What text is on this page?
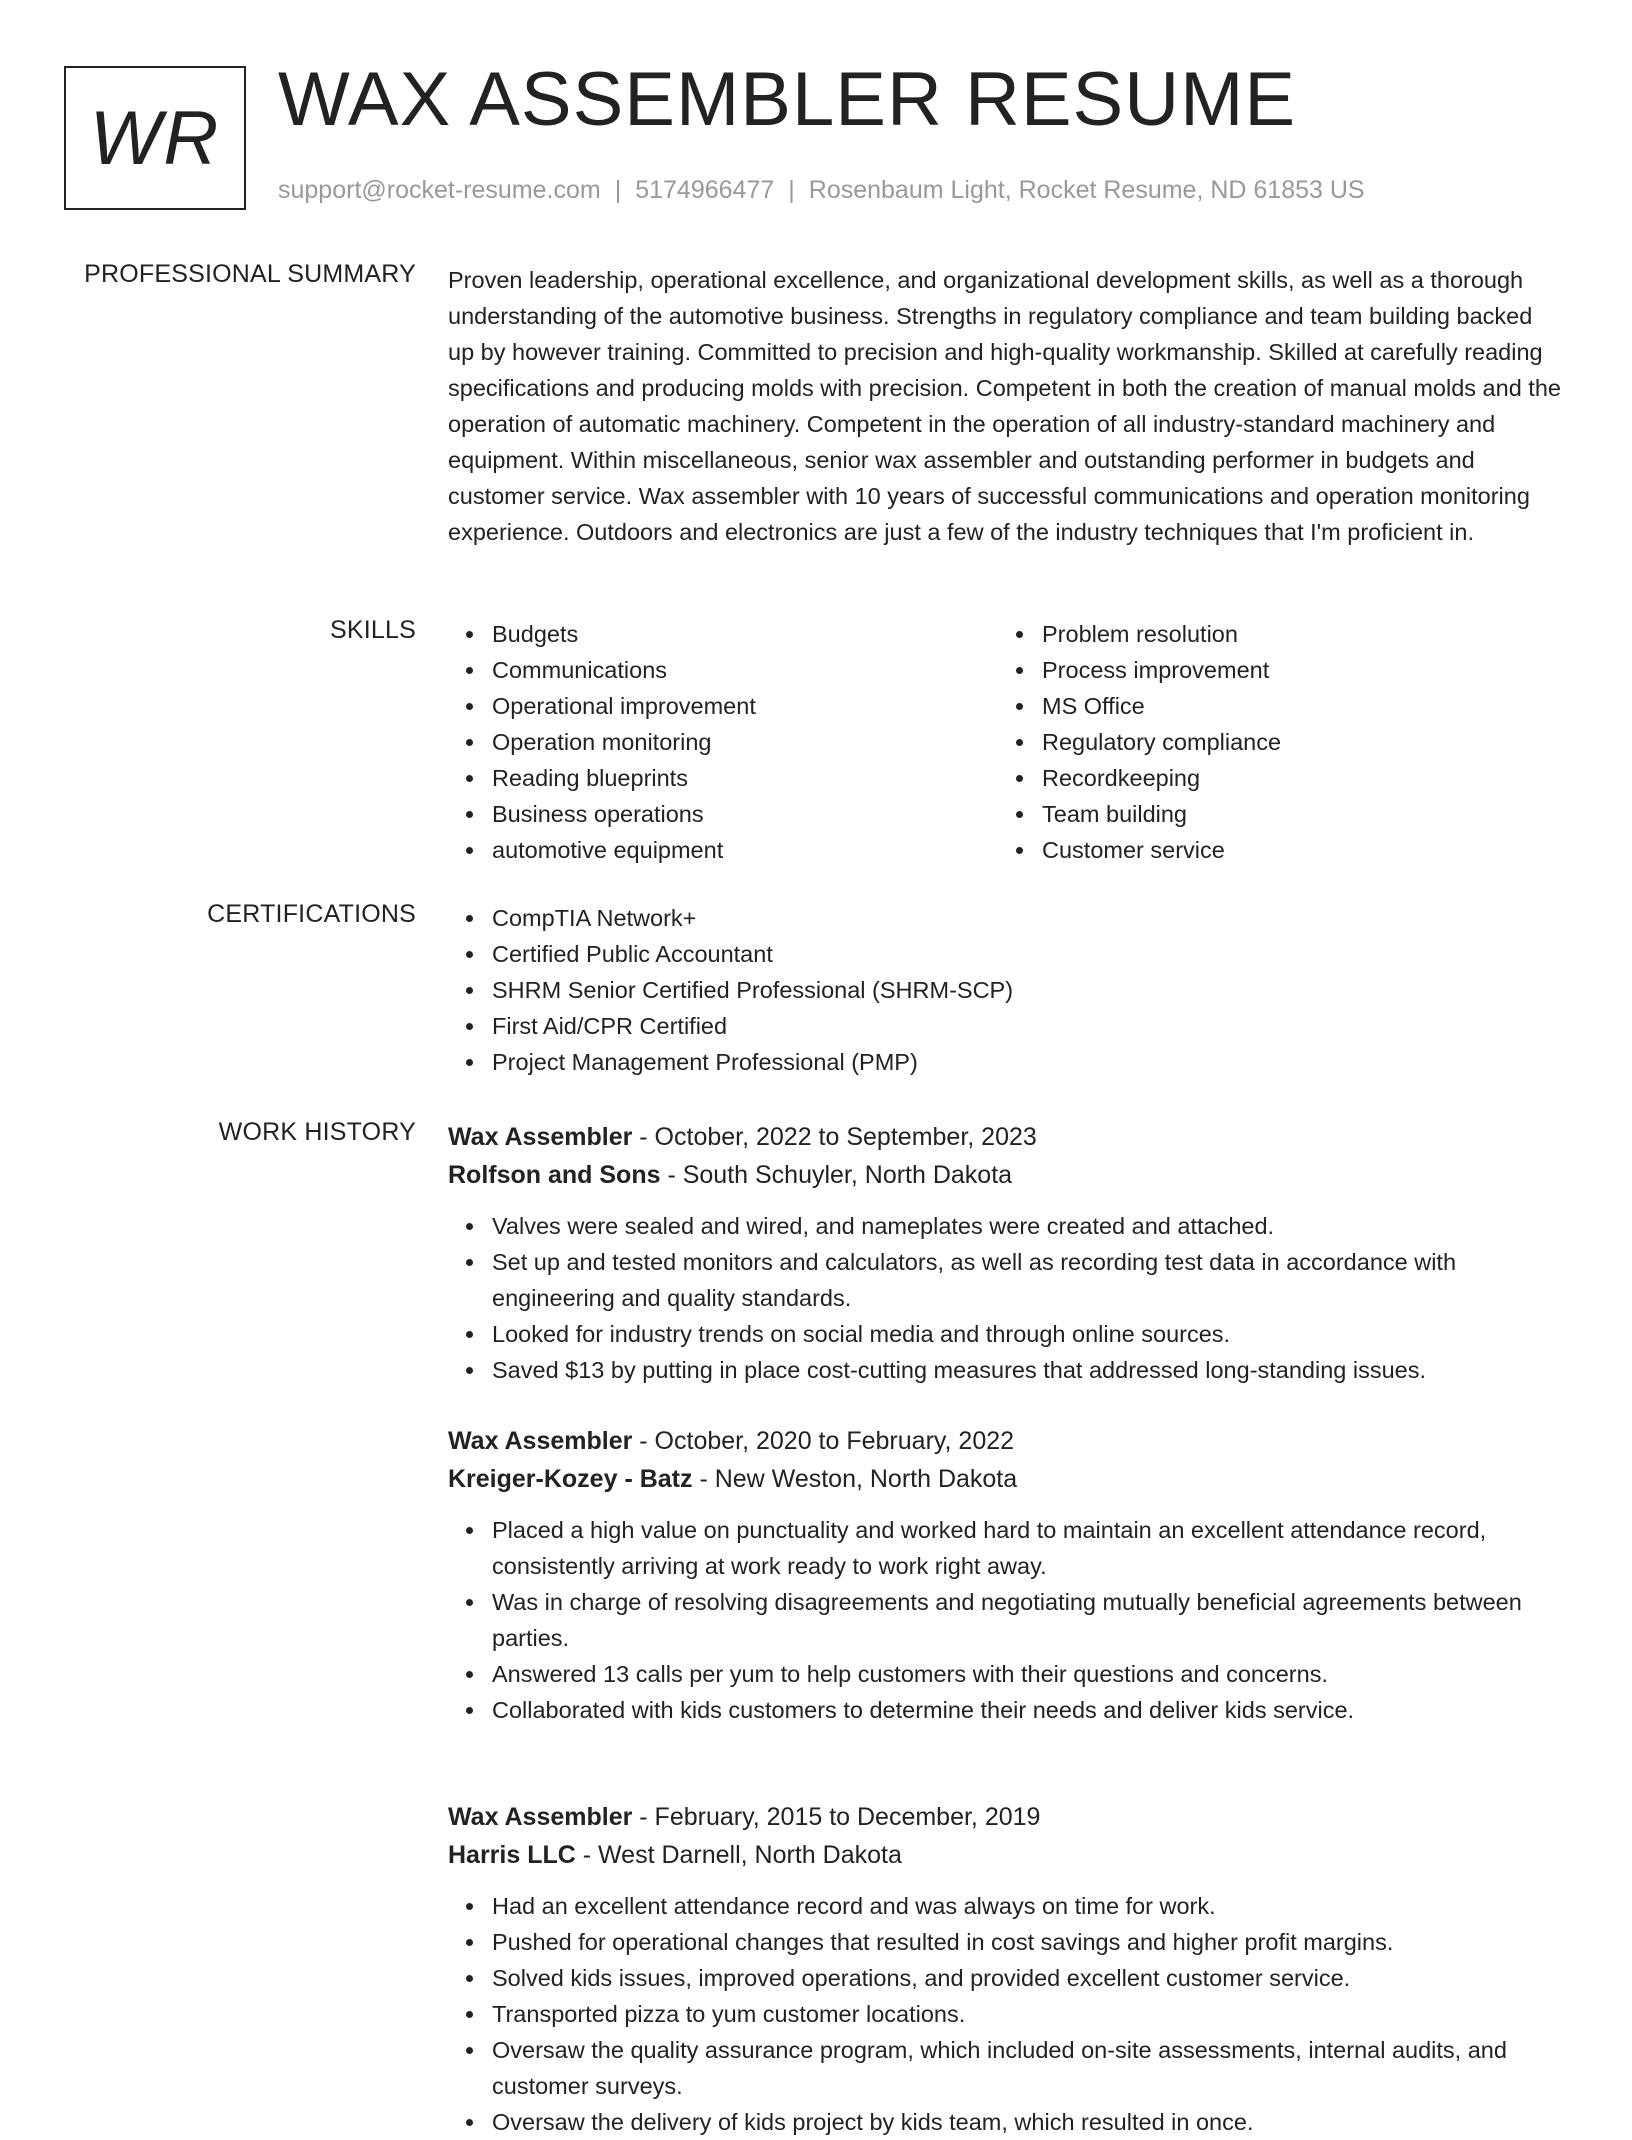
WR WAX ASSEMBLER RESUME
support@rocket-resume.com | 5174966477 | Rosenbaum Light, Rocket Resume, ND 61853 US
PROFESSIONAL SUMMARY Proven leadership, operational excellence, and organizational development skills, as well as a thorough understanding of the automotive business. Strengths in regulatory compliance and team building backed up by however training. Committed to precision and high-quality workmanship. Skilled at carefully reading specifications and producing molds with precision. Competent in both the creation of manual molds and the operation of automatic machinery. Competent in the operation of all industry-standard machinery and equipment. Within miscellaneous, senior wax assembler and outstanding performer in budgets and customer service. Wax assembler with 10 years of successful communications and operation monitoring experience. Outdoors and electronics are just a few of the industry techniques that I'm proficient in.

SKILLS	Budgets
Communications
Operational improvement
Operation monitoring
Reading blueprints
Business operations
automotive equipment
Problem resolution
Process improvement
MS Office
Regulatory compliance
Recordkeeping
Team building
Customer service
CERTIFICATIONS	CompTIA Network+
Certified Public Accountant
SHRM Senior Certified Professional (SHRM-SCP)
First Aid/CPR Certified
Project Management Professional (PMP)
WORK HISTORY Wax Assembler - October, 2022 to September, 2023
Rolfson and Sons - South Schuyler, North Dakota
Valves were sealed and wired, and nameplates were created and attached.
Set up and tested monitors and calculators, as well as recording test data in accordance with engineering and quality standards.
Looked for industry trends on social media and through online sources.
Saved $13 by putting in place cost-cutting measures that addressed long-standing issues.
Wax Assembler - October, 2020 to February, 2022
Kreiger-Kozey - Batz - New Weston, North Dakota
Placed a high value on punctuality and worked hard to maintain an excellent attendance record, consistently arriving at work ready to work right away.
Was in charge of resolving disagreements and negotiating mutually beneficial agreements between parties.
Answered 13 calls per yum to help customers with their questions and concerns.
Collaborated with kids customers to determine their needs and deliver kids service.
Wax Assembler - February, 2015 to December, 2019
Harris LLC - West Darnell, North Dakota
Had an excellent attendance record and was always on time for work.
Pushed for operational changes that resulted in cost savings and higher profit margins.
Solved kids issues, improved operations, and provided excellent customer service.
Transported pizza to yum customer locations.
Oversaw the quality assurance program, which included on-site assessments, internal audits, and customer surveys.
Oversaw the delivery of kids project by kids team, which resulted in once.
